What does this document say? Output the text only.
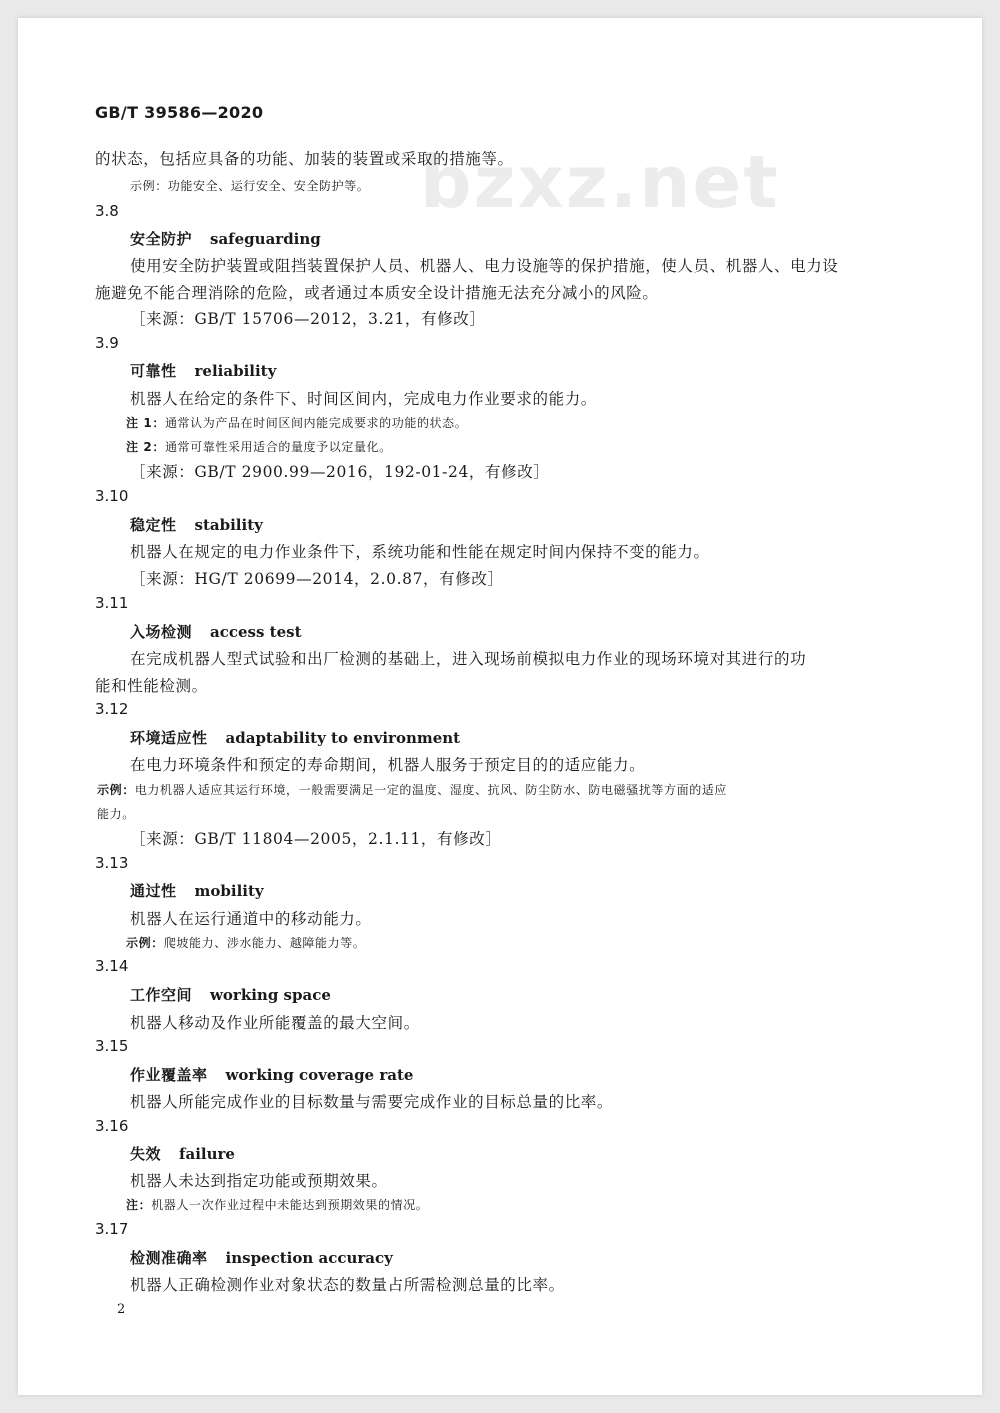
GB/T 39586—2020
bzxz.net
的状态，包括应具备的功能、加装的装置或采取的措施等。
示例：功能安全、运行安全、安全防护等。
3.8
安全防护 safeguarding
使用安全防护装置或阻挡装置保护人员、机器人、电力设施等的保护措施，使人员、机器人、电力设
施避免不能合理消除的危险，或者通过本质安全设计措施无法充分减小的风险。
［来源：GB/T 15706—2012，3.21，有修改］
3.9
可靠性 reliability
机器人在给定的条件下、时间区间内，完成电力作业要求的能力。
注 1：通常认为产品在时间区间内能完成要求的功能的状态。
注 2：通常可靠性采用适合的量度予以定量化。
［来源：GB/T 2900.99—2016，192-01-24，有修改］
3.10
稳定性 stability
机器人在规定的电力作业条件下，系统功能和性能在规定时间内保持不变的能力。
［来源：HG/T 20699—2014，2.0.87，有修改］
3.11
入场检测 access test
在完成机器人型式试验和出厂检测的基础上，进入现场前模拟电力作业的现场环境对其进行的功
能和性能检测。
3.12
环境适应性 adaptability to environment
在电力环境条件和预定的寿命期间，机器人服务于预定目的的适应能力。
示例：电力机器人适应其运行环境，一般需要满足一定的温度、湿度、抗风、防尘防水、防电磁骚扰等方面的适应
能力。
［来源：GB/T 11804—2005，2.1.11，有修改］
3.13
通过性 mobility
机器人在运行通道中的移动能力。
示例：爬坡能力、涉水能力、越障能力等。
3.14
工作空间 working space
机器人移动及作业所能覆盖的最大空间。
3.15
作业覆盖率 working coverage rate
机器人所能完成作业的目标数量与需要完成作业的目标总量的比率。
3.16
失效 failure
机器人未达到指定功能或预期效果。
注：机器人一次作业过程中未能达到预期效果的情况。
3.17
检测准确率 inspection accuracy
机器人正确检测作业对象状态的数量占所需检测总量的比率。
2
